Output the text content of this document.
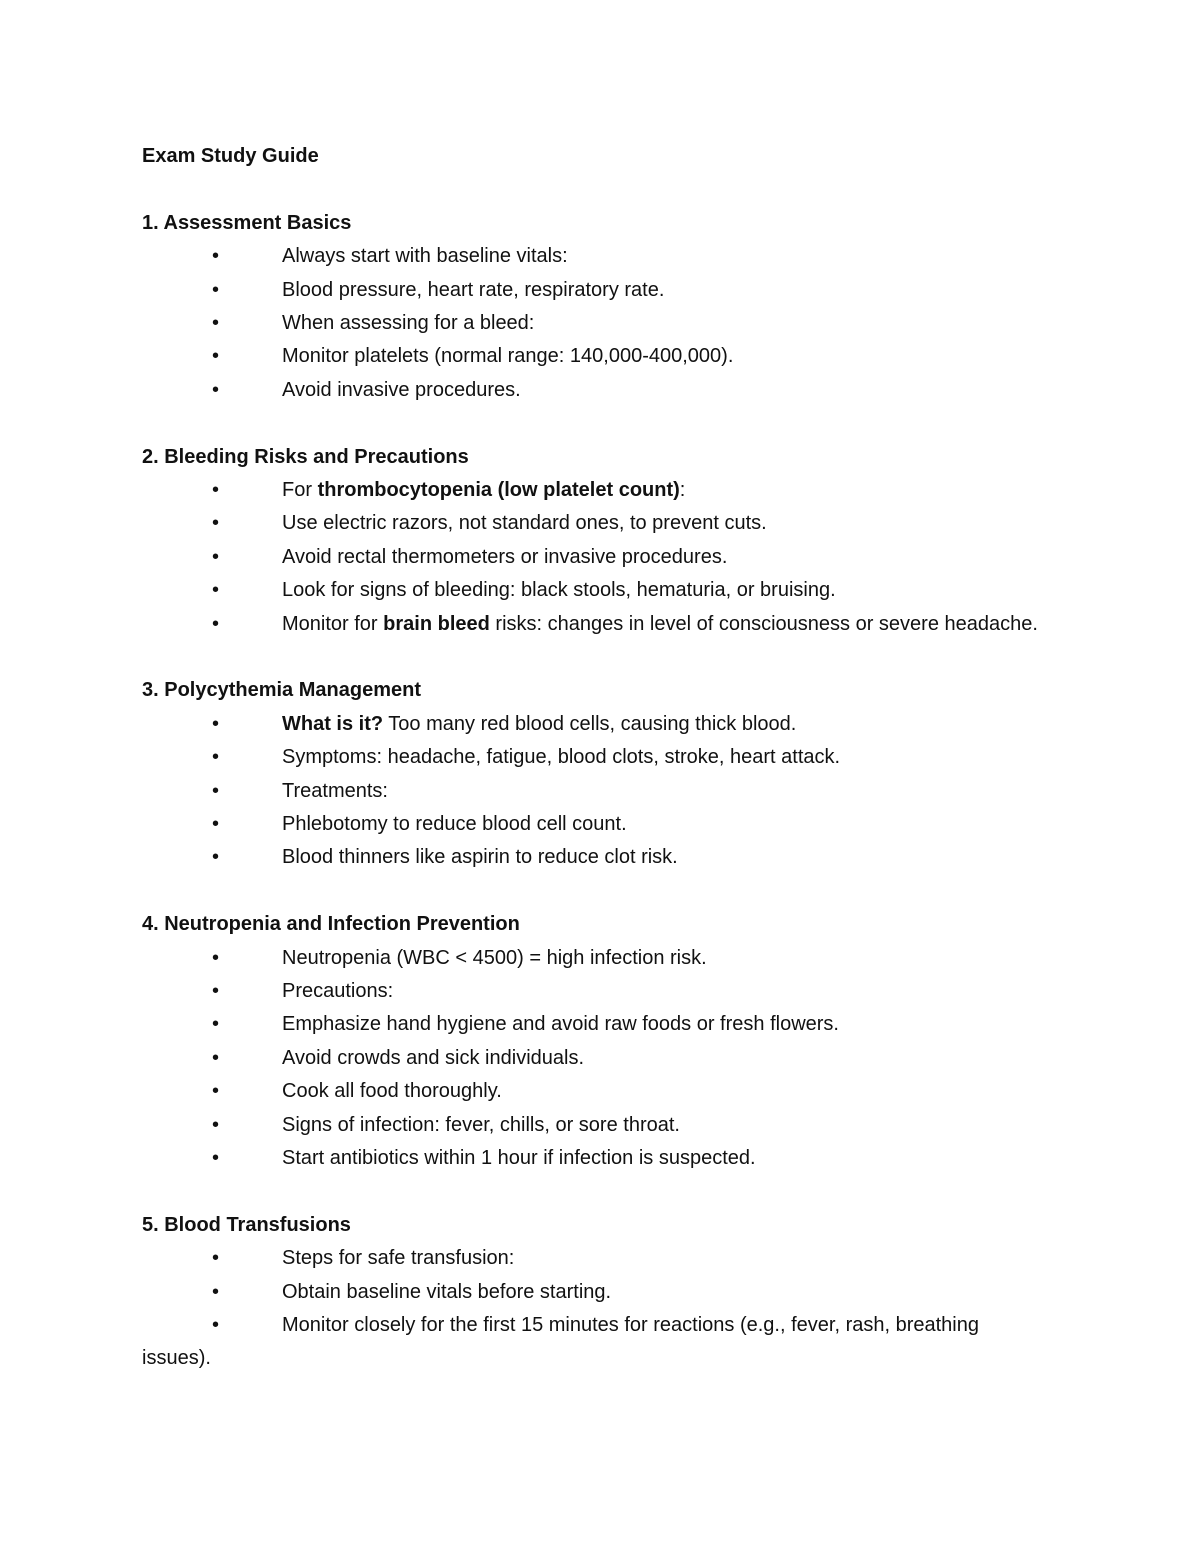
Exam Study Guide
1. Assessment Basics
•	Always start with baseline vitals:
•	Blood pressure, heart rate, respiratory rate.
•	When assessing for a bleed:
•	Monitor platelets (normal range: 140,000-400,000).
•	Avoid invasive procedures.
2. Bleeding Risks and Precautions
•	For thrombocytopenia (low platelet count):
•	Use electric razors, not standard ones, to prevent cuts.
•	Avoid rectal thermometers or invasive procedures.
•	Look for signs of bleeding: black stools, hematuria, or bruising.
•	Monitor for brain bleed risks: changes in level of consciousness or severe headache.
3. Polycythemia Management
•	What is it? Too many red blood cells, causing thick blood.
•	Symptoms: headache, fatigue, blood clots, stroke, heart attack.
•	Treatments:
•	Phlebotomy to reduce blood cell count.
•	Blood thinners like aspirin to reduce clot risk.
4. Neutropenia and Infection Prevention
•	Neutropenia (WBC < 4500) = high infection risk.
•	Precautions:
•	Emphasize hand hygiene and avoid raw foods or fresh flowers.
•	Avoid crowds and sick individuals.
•	Cook all food thoroughly.
•	Signs of infection: fever, chills, or sore throat.
•	Start antibiotics within 1 hour if infection is suspected.
5. Blood Transfusions
•	Steps for safe transfusion:
•	Obtain baseline vitals before starting.
•	Monitor closely for the first 15 minutes for reactions (e.g., fever, rash, breathing issues).
